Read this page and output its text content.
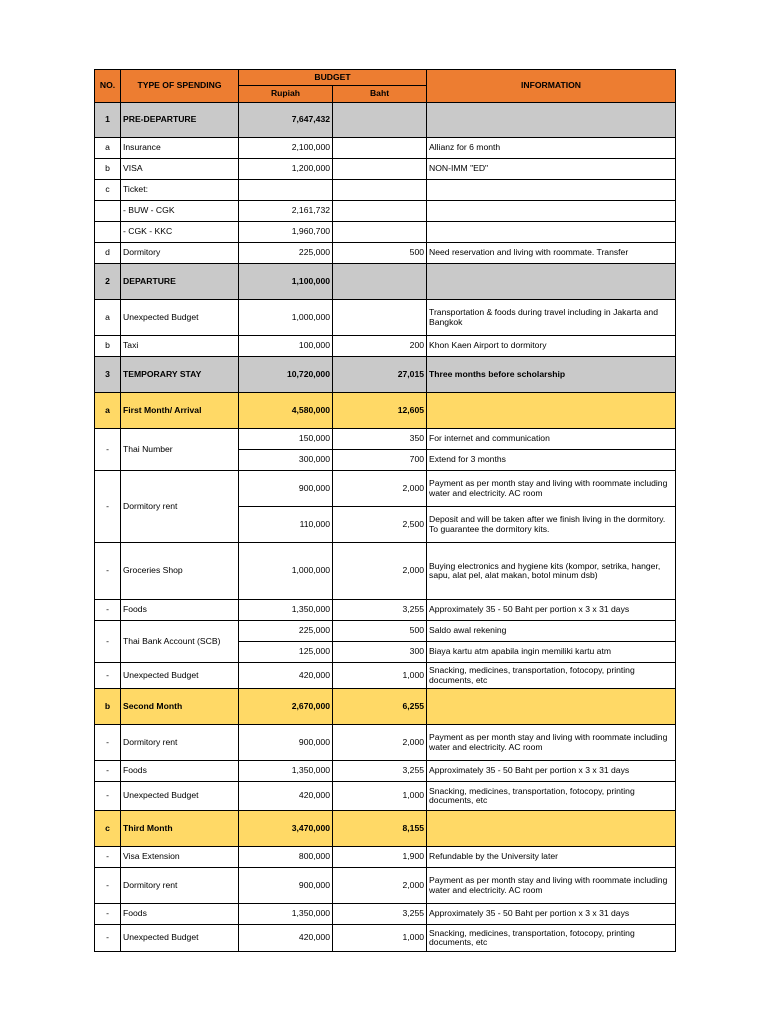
NO.	TYPE OF SPENDING	BUDGET		INFORMATION
		Rupiah	Baht	
1	PRE-DEPARTURE	7,647,432		
a	Insurance	2,100,000		Allianz for 6 month
b	VISA	1,200,000		NON-IMM "ED"
c	Ticket:			
	- BUW - CGK	2,161,732		
	- CGK - KKC	1,960,700		
d	Dormitory	225,000	500	Need reservation and living with roommate. Transfer
2	DEPARTURE	1,100,000		
a	Unexpected Budget	1,000,000		Transportation & foods during travel including in Jakarta and Bangkok
b	Taxi	100,000	200	Khon Kaen Airport to dormitory
3	TEMPORARY STAY	10,720,000	27,015	Three months before scholarship
a	First Month/ Arrival	4,580,000	12,605	
-	Thai Number	150,000	350	For internet and communication
		300,000	700	Extend for 3 months
-	Dormitory rent	900,000	2,000	Payment as per month stay and living with roommate including water and electricity. AC room
		110,000	2,500	Deposit and will be taken after we finish living in the dormitory. To guarantee the dormitory kits.
-	Groceries Shop	1,000,000	2,000	Buying electronics and hygiene kits (kompor, setrika, hanger, sapu, alat pel, alat makan, botol minum dsb)
-	Foods	1,350,000	3,255	Approximately 35 - 50 Baht per portion x 3 x 31 days
-	Thai Bank Account (SCB)	225,000	500	Saldo awal rekening
		125,000	300	Biaya kartu atm apabila ingin memiliki kartu atm
-	Unexpected Budget	420,000	1,000	Snacking, medicines, transportation, fotocopy, printing documents, etc
b	Second Month	2,670,000	6,255	
-	Dormitory rent	900,000	2,000	Payment as per month stay and living with roommate including water and electricity. AC room
-	Foods	1,350,000	3,255	Approximately 35 - 50 Baht per portion x 3 x 31 days
-	Unexpected Budget	420,000	1,000	Snacking, medicines, transportation, fotocopy, printing documents, etc
c	Third Month	3,470,000	8,155	
-	Visa Extension	800,000	1,900	Refundable by the University later
-	Dormitory rent	900,000	2,000	Payment as per month stay and living with roommate including water and electricity. AC room
-	Foods	1,350,000	3,255	Approximately 35 - 50 Baht per portion x 3 x 31 days
-	Unexpected Budget	420,000	1,000	Snacking, medicines, transportation, fotocopy, printing documents, etc
